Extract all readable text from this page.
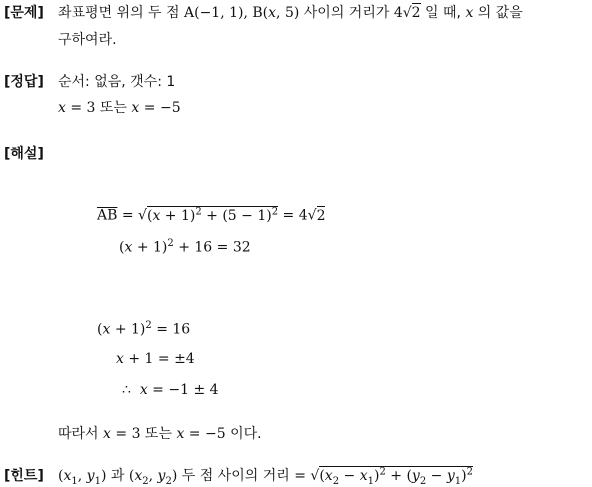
[문제] 좌표평면 위의 두 점 A(−1, 1), B(x, 5) 사이의 거리가 4√2 일 때, x 의 값을
구하여라.
[정답] 순서: 없음, 갯수: 1
x = 3 또는 x = −5
[해설]
$\overline{AB} = √(x + 1)^2 + (5 - 1)^2 = 4√2$
$(x + 1)^2 + 16 = 32$
$(x + 1)^2 = 16$
x + 1 = ±4
∴  x = −1 ± 4
따라서 x = 3 또는 x = −5 이다.
[힌트] ($x_1$, $y_1$) 과 ($x_2$, $y_2$) 두 점 사이의 거리 = $√(x_2 - x_1)^2 + (y_2 - y_1)^2$
